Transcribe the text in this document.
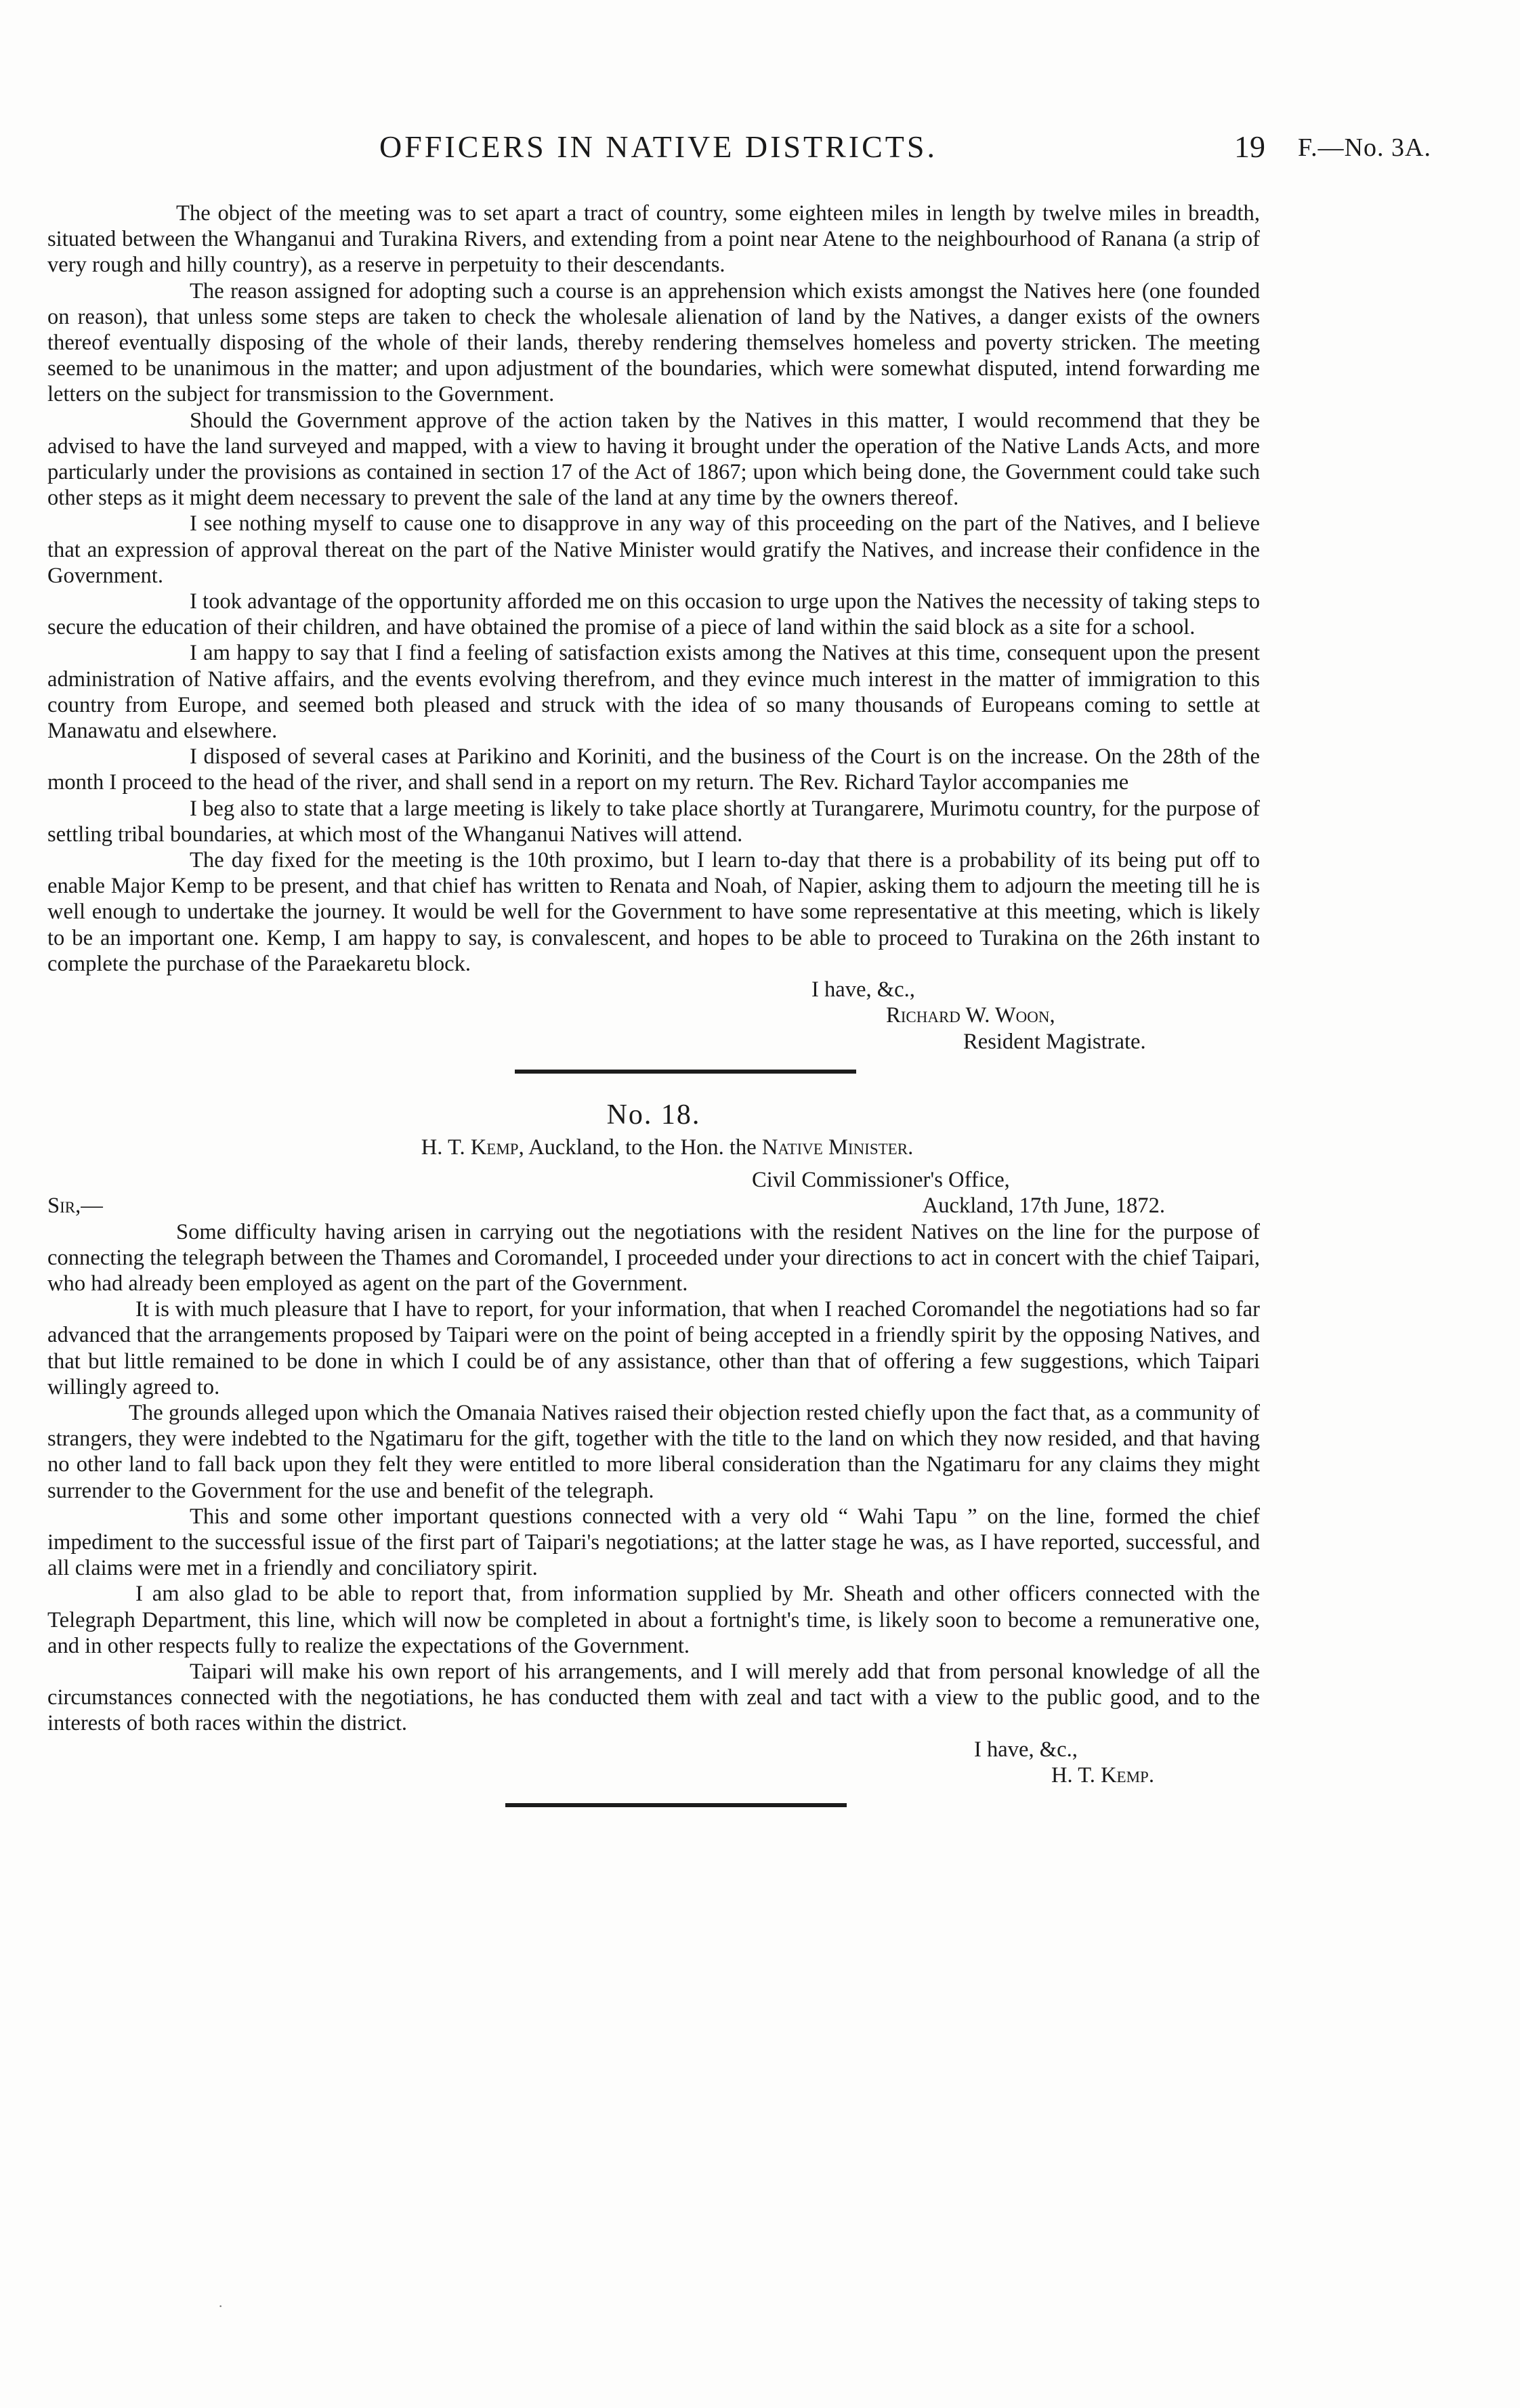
OFFICERS IN NATIVE DISTRICTS.	19 F.—No. 3A.

The object of the meeting was to set apart a tract of country, some eighteen miles in length by twelve miles in breadth, situated between the Whanganui and Turakina Rivers, and extending from a point near Atene to the neighbourhood of Ranana (a strip of very rough and hilly country), as a reserve in perpetuity to their descendants.

The reason assigned for adopting such a course is an apprehension which exists amongst the Natives here (one founded on reason), that unless some steps are taken to check the wholesale alienation of land by the Natives, a danger exists of the owners thereof eventually disposing of the whole of their lands, thereby rendering themselves homeless and poverty stricken. The meeting seemed to be unanimous in the matter; and upon adjustment of the boundaries, which were somewhat disputed, intend forwarding me letters on the subject for transmission to the Government.

Should the Government approve of the action taken by the Natives in this matter, I would recommend that they be advised to have the land surveyed and mapped, with a view to having it brought under the operation of the Native Lands Acts, and more particularly under the provisions as contained in section 17 of the Act of 1867; upon which being done, the Government could take such other steps as it might deem necessary to prevent the sale of the land at any time by the owners thereof.

I see nothing myself to cause one to disapprove in any way of this proceeding on the part of the Natives, and I believe that an expression of approval thereat on the part of the Native Minister would gratify the Natives, and increase their confidence in the Government.

I took advantage of the opportunity afforded me on this occasion to urge upon the Natives the necessity of taking steps to secure the education of their children, and have obtained the promise of a piece of land within the said block as a site for a school.

I am happy to say that I find a feeling of satisfaction exists among the Natives at this time, consequent upon the present administration of Native affairs, and the events evolving therefrom, and they evince much interest in the matter of immigration to this country from Europe, and seemed both pleased and struck with the idea of so many thousands of Europeans coming to settle at Manawatu and elsewhere.

I disposed of several cases at Parikino and Koriniti, and the business of the Court is on the increase. On the 28th of the month I proceed to the head of the river, and shall send in a report on my return. The Rev. Richard Taylor accompanies me

I beg also to state that a large meeting is likely to take place shortly at Turangarere, Murimotu country, for the purpose of settling tribal boundaries, at which most of the Whanganui Natives will attend.

The day fixed for the meeting is the 10th proximo, but I learn to-day that there is a probability of its being put off to enable Major Kemp to be present, and that chief has written to Renata and Noah, of Napier, asking them to adjourn the meeting till he is well enough to undertake the journey. It would be well for the Government to have some representative at this meeting, which is likely to be an important one. Kemp, I am happy to say, is convalescent, and hopes to be able to proceed to Turakina on the 26th instant to complete the purchase of the Paraekaretu block.

I have, &c.,
Richard W. Woon,
Resident Magistrate.
No. 18.
H. T. Kemp, Auckland, to the Hon. the Native Minister.
Civil Commissioner's Office,
Sir,—	Auckland, 17th June, 1872.

Some difficulty having arisen in carrying out the negotiations with the resident Natives on the line for the purpose of connecting the telegraph between the Thames and Coromandel, I proceeded under your directions to act in concert with the chief Taipari, who had already been employed as agent on the part of the Government.

It is with much pleasure that I have to report, for your information, that when I reached Coromandel the negotiations had so far advanced that the arrangements proposed by Taipari were on the point of being accepted in a friendly spirit by the opposing Natives, and that but little remained to be done in which I could be of any assistance, other than that of offering a few suggestions, which Taipari willingly agreed to.

The grounds alleged upon which the Omanaia Natives raised their objection rested chiefly upon the fact that, as a community of strangers, they were indebted to the Ngatimaru for the gift, together with the title to the land on which they now resided, and that having no other land to fall back upon they felt they were entitled to more liberal consideration than the Ngatimaru for any claims they might surrender to the Government for the use and benefit of the telegraph.

This and some other important questions connected with a very old “ Wahi Tapu ” on the line, formed the chief impediment to the successful issue of the first part of Taipari's negotiations; at the latter stage he was, as I have reported, successful, and all claims were met in a friendly and conciliatory spirit.

I am also glad to be able to report that, from information supplied by Mr. Sheath and other officers connected with the Telegraph Department, this line, which will now be completed in about a fortnight's time, is likely soon to become a remunerative one, and in other respects fully to realize the expectations of the Government.

Taipari will make his own report of his arrangements, and I will merely add that from personal knowledge of all the circumstances connected with the negotiations, he has conducted them with zeal and tact with a view to the public good, and to the interests of both races within the district.

I have, &c.,
H. T. Kemp.
·
